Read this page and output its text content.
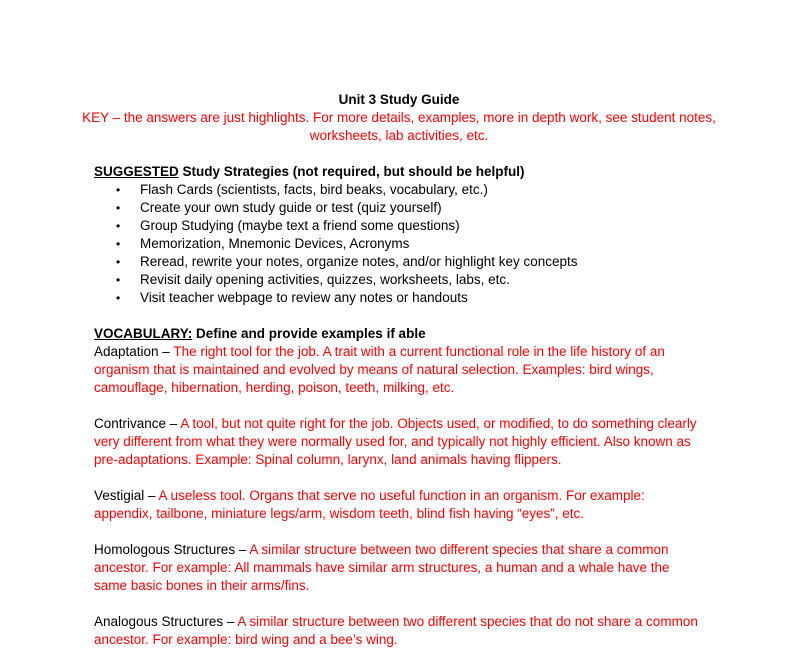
Unit 3 Study Guide
KEY – the answers are just highlights. For more details, examples, more in depth work, see student notes, worksheets, lab activities, etc.
SUGGESTED Study Strategies (not required, but should be helpful)
• Flash Cards (scientists, facts, bird beaks, vocabulary, etc.)
• Create your own study guide or test (quiz yourself)
• Group Studying (maybe text a friend some questions)
• Memorization, Mnemonic Devices, Acronyms
• Reread, rewrite your notes, organize notes, and/or highlight key concepts
• Revisit daily opening activities, quizzes, worksheets, labs, etc.
• Visit teacher webpage to review any notes or handouts
VOCABULARY: Define and provide examples if able
Adaptation – The right tool for the job. A trait with a current functional role in the life history of an organism that is maintained and evolved by means of natural selection. Examples: bird wings, camouflage, hibernation, herding, poison, teeth, milking, etc.
Contrivance – A tool, but not quite right for the job. Objects used, or modified, to do something clearly very different from what they were normally used for, and typically not highly efficient. Also known as pre-adaptations. Example: Spinal column, larynx, land animals having flippers.
Vestigial – A useless tool. Organs that serve no useful function in an organism. For example: appendix, tailbone, miniature legs/arm, wisdom teeth, blind fish having “eyes”, etc.
Homologous Structures – A similar structure between two different species that share a common ancestor. For example: All mammals have similar arm structures, a human and a whale have the same basic bones in their arms/fins.
Analogous Structures – A similar structure between two different species that do not share a common ancestor. For example: bird wing and a bee’s wing.
